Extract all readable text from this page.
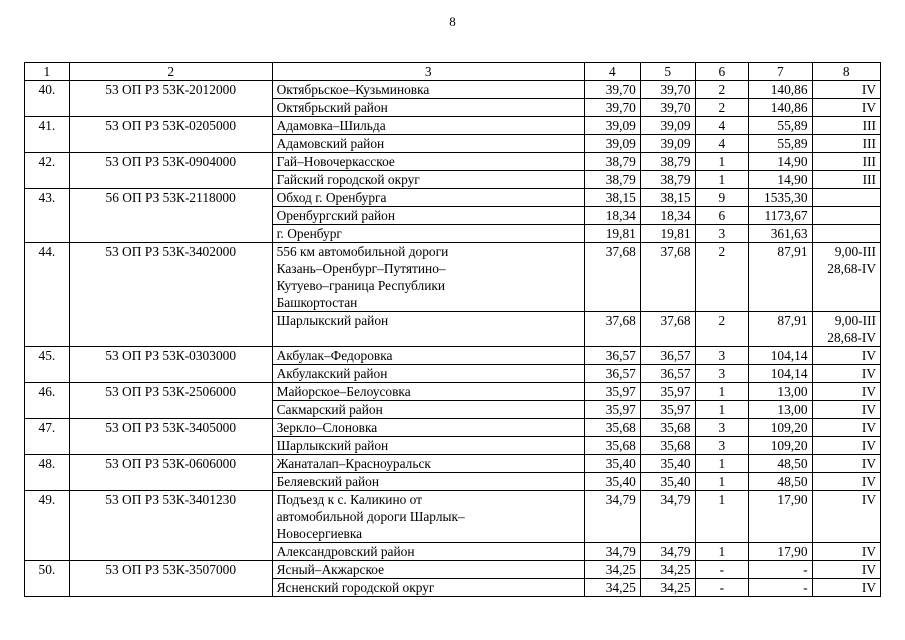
8
1	2	3	4	5	6	7	8
40.	53 ОП РЗ 53К-2012000	Октябрьское–Кузьминовка	39,70	39,70	2	140,86	IV
		Октябрьский район	39,70	39,70	2	140,86	IV
41.	53 ОП РЗ 53К-0205000	Адамовка–Шильда	39,09	39,09	4	55,89	III
		Адамовский район	39,09	39,09	4	55,89	III
42.	53 ОП РЗ 53К-0904000	Гай–Новочеркасское	38,79	38,79	1	14,90	III
		Гайский городской округ	38,79	38,79	1	14,90	III
43.	56 ОП РЗ 53К-2118000	Обход г. Оренбурга	38,15	38,15	9	1535,30	
		Оренбургский район	18,34	18,34	6	1173,67	
		г. Оренбург	19,81	19,81	3	361,63	
44.	53 ОП РЗ 53К-3402000	556 км автомобильной дороги
Казань–Оренбург–Путятино–
Кутуево–граница Республики
Башкортостан	37,68	37,68	2	87,91	9,00-III
28,68-IV
		Шарлыкский район	37,68	37,68	2	87,91	9,00-III
28,68-IV
45.	53 ОП РЗ 53К-0303000	Акбулак–Федоровка	36,57	36,57	3	104,14	IV
		Акбулакский район	36,57	36,57	3	104,14	IV
46.	53 ОП РЗ 53К-2506000	Майорское–Белоусовка	35,97	35,97	1	13,00	IV
		Сакмарский район	35,97	35,97	1	13,00	IV
47.	53 ОП РЗ 53К-3405000	Зеркло–Слоновка	35,68	35,68	3	109,20	IV
		Шарлыкский район	35,68	35,68	3	109,20	IV
48.	53 ОП РЗ 53К-0606000	Жанаталап–Красноуральск	35,40	35,40	1	48,50	IV
		Беляевский район	35,40	35,40	1	48,50	IV
49.	53 ОП РЗ 53К-3401230	Подъезд к с. Каликино от
автомобильной дороги Шарлык–
Новосергиевка	34,79	34,79	1	17,90	IV
		Александровский район	34,79	34,79	1	17,90	IV
50.	53 ОП РЗ 53К-3507000	Ясный–Акжарское	34,25	34,25	-	-	IV
		Ясненский городской округ	34,25	34,25	-	-	IV
